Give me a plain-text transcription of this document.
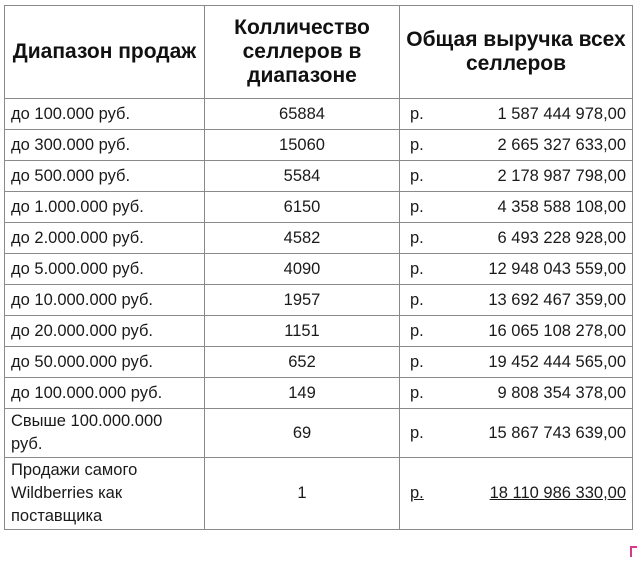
Диапазон продаж	Колличество селлеров в диапазоне	Общая выручка всех селлеров	
до 100.000 руб.	65884	р.	1 587 444 978,00
до 300.000 руб.	15060	р.	2 665 327 633,00
до 500.000 руб.	5584	р.	2 178 987 798,00
до 1.000.000 руб.	6150	р.	4 358 588 108,00
до 2.000.000 руб.	4582	р.	6 493 228 928,00
до 5.000.000 руб.	4090	р.	12 948 043 559,00
до 10.000.000 руб.	1957	р.	13 692 467 359,00
до 20.000.000 руб.	1151	р.	16 065 108 278,00
до 50.000.000 руб.	652	р.	19 452 444 565,00
до 100.000.000 руб.	149	р.	9 808 354 378,00
Свыше 100.000.000 руб.	69	р.	15 867 743 639,00
Продажи самого Wildberries как поставщика	1	р.	18 110 986 330,00
